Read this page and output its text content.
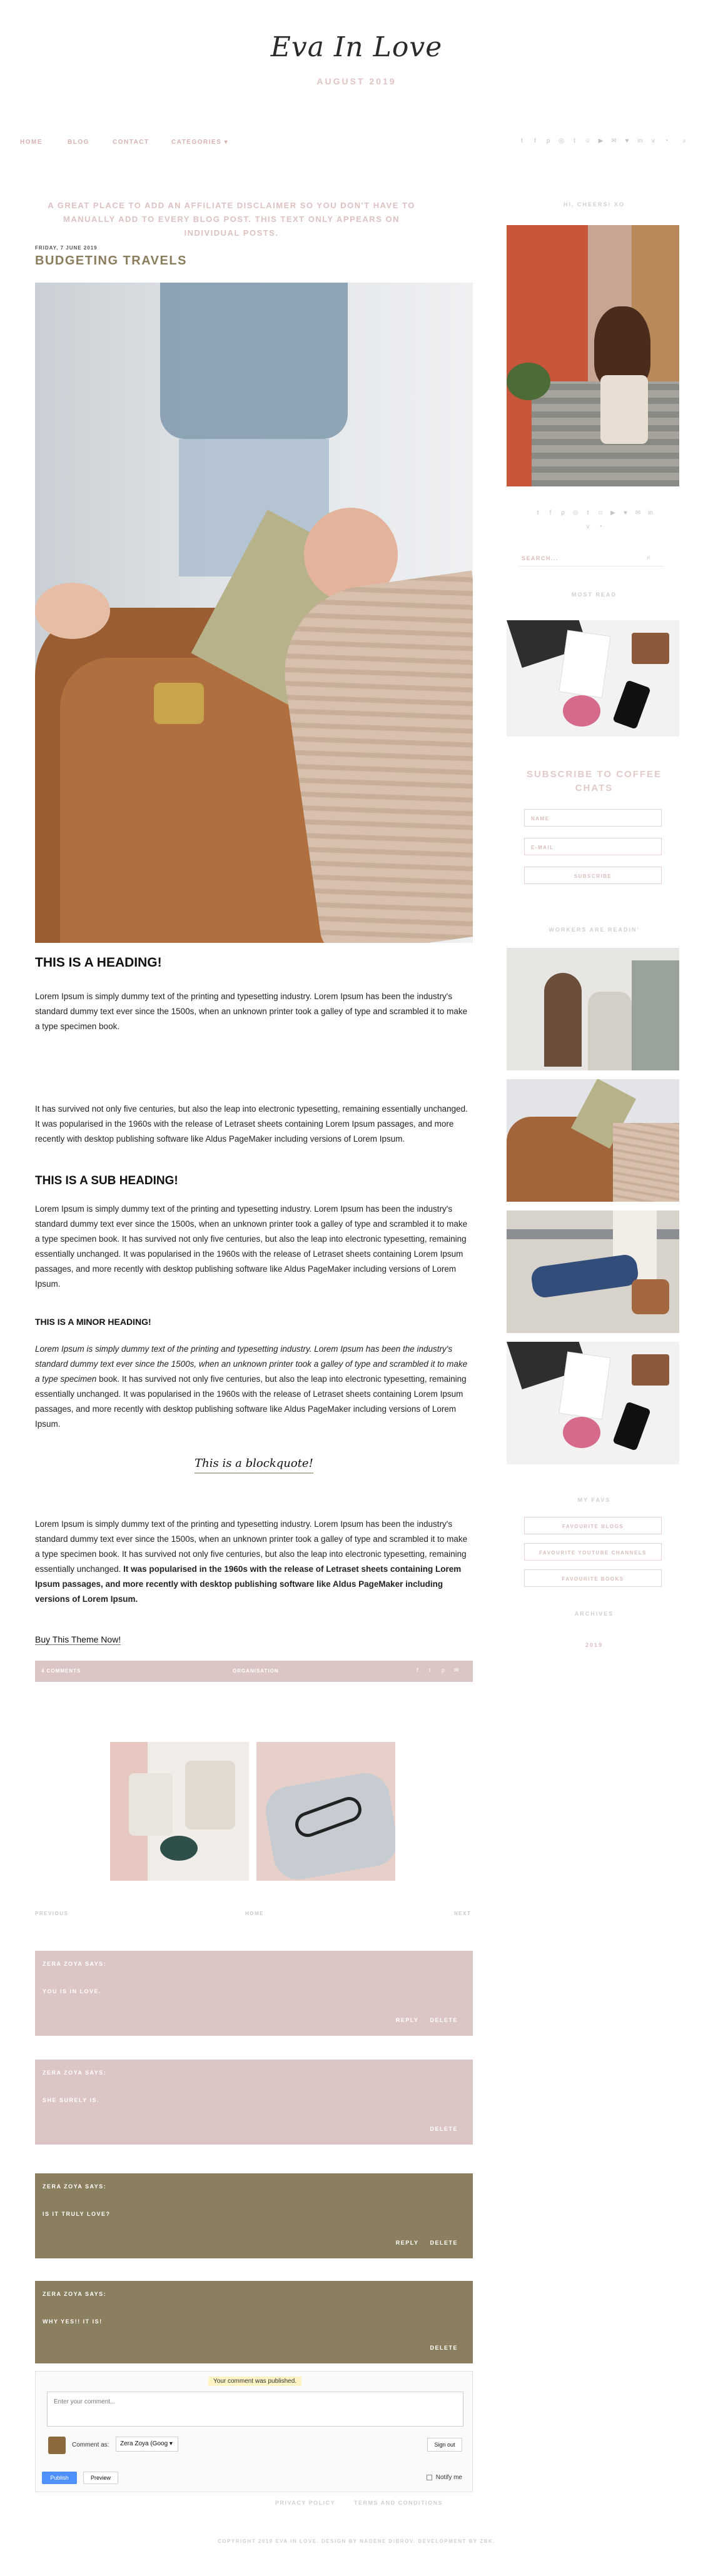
Eva In Love
AUGUST 2019
HOME	BLOG	CONTACT	CATEGORIES ▾	t	f	p ◎	t	☺ ▶ ✉ ♥ in	v	◔ ⌕
A GREAT PLACE TO ADD AN AFFILIATE DISCLAIMER SO YOU DON'T HAVE TO MANUALLY ADD TO EVERY BLOG POST. THIS TEXT ONLY APPEARS ON INDIVIDUAL POSTS.
FRIDAY, 7 JUNE 2019
BUDGETING TRAVELS
THIS IS A HEADING!

Lorem Ipsum is simply dummy text of the printing and typesetting industry. Lorem Ipsum has been the industry's standard dummy text ever since the 1500s, when an unknown printer took a galley of type and scrambled it to make a type specimen book.

It has survived not only five centuries, but also the leap into electronic typesetting, remaining essentially unchanged. It was popularised in the 1960s with the release of Letraset sheets containing Lorem Ipsum passages, and more recently with desktop publishing software like Aldus PageMaker including versions of Lorem Ipsum.

THIS IS A SUB HEADING!

Lorem Ipsum is simply dummy text of the printing and typesetting industry. Lorem Ipsum has been the industry's standard dummy text ever since the 1500s, when an unknown printer took a galley of type and scrambled it to make a type specimen book. It has survived not only five centuries, but also the leap into electronic typesetting, remaining essentially unchanged. It was popularised in the 1960s with the release of Letraset sheets containing Lorem Ipsum passages, and more recently with desktop publishing software like Aldus PageMaker including versions of Lorem Ipsum.

THIS IS A MINOR HEADING!

Lorem Ipsum is simply dummy text of the printing and typesetting industry. Lorem Ipsum has been the industry's standard dummy text ever since the 1500s, when an unknown printer took a galley of type and scrambled it to make a type specimen book. It has survived not only five centuries, but also the leap into electronic typesetting, remaining essentially unchanged. It was popularised in the 1960s with the release of Letraset sheets containing Lorem Ipsum passages, and more recently with desktop publishing software like Aldus PageMaker including versions of Lorem Ipsum.

This is a blockquote!

Lorem Ipsum is simply dummy text of the printing and typesetting industry. Lorem Ipsum has been the industry's standard dummy text ever since the 1500s, when an unknown printer took a galley of type and scrambled it to make a type specimen book. It has survived not only five centuries, but also the leap into electronic typesetting, remaining essentially unchanged. It was popularised in the 1960s with the release of Letraset sheets containing Lorem Ipsum passages, and more recently with desktop publishing software like Aldus PageMaker including versions of Lorem Ipsum.

Buy This Theme Now!
4 COMMENTS	ORGANISATION	f	t	p	✉
PREVIOUS	HOME	NEXT
ZERA ZOYA SAYS:
YOU IS IN LOVE.
REPLY DELETE
ZERA ZOYA SAYS:
SHE SURELY IS.
DELETE
ZERA ZOYA SAYS:
IS IT TRULY LOVE?
REPLY DELETE
ZERA ZOYA SAYS:
WHY YES!! IT IS!
DELETE
Your comment was published.
Enter your comment...
Comment as:	Zera Zoya (Goog ▾	Sign out
Publish	Preview	Notify me
HI, CHEERS! XO
t f p ◎ t ☺ ▶ ♥ ✉ in
v ◔
SEARCH...	⌕
MOST READ
SUBSCRIBE TO COFFEE CHATS
NAME
E-MAIL
SUBSCRIBE
WORKERS ARE READIN'
MY FAVS
FAVOURITE BLOGS
FAVOURITE YOUTUBE CHANNELS
FAVOURITE BOOKS
ARCHIVES
2019
PRIVACY POLICY	TERMS AND CONDITIONS
COPYRIGHT 2019 EVA IN LOVE. DESIGN BY NADENE DIBROV. DEVELOPMENT BY ZBK.
